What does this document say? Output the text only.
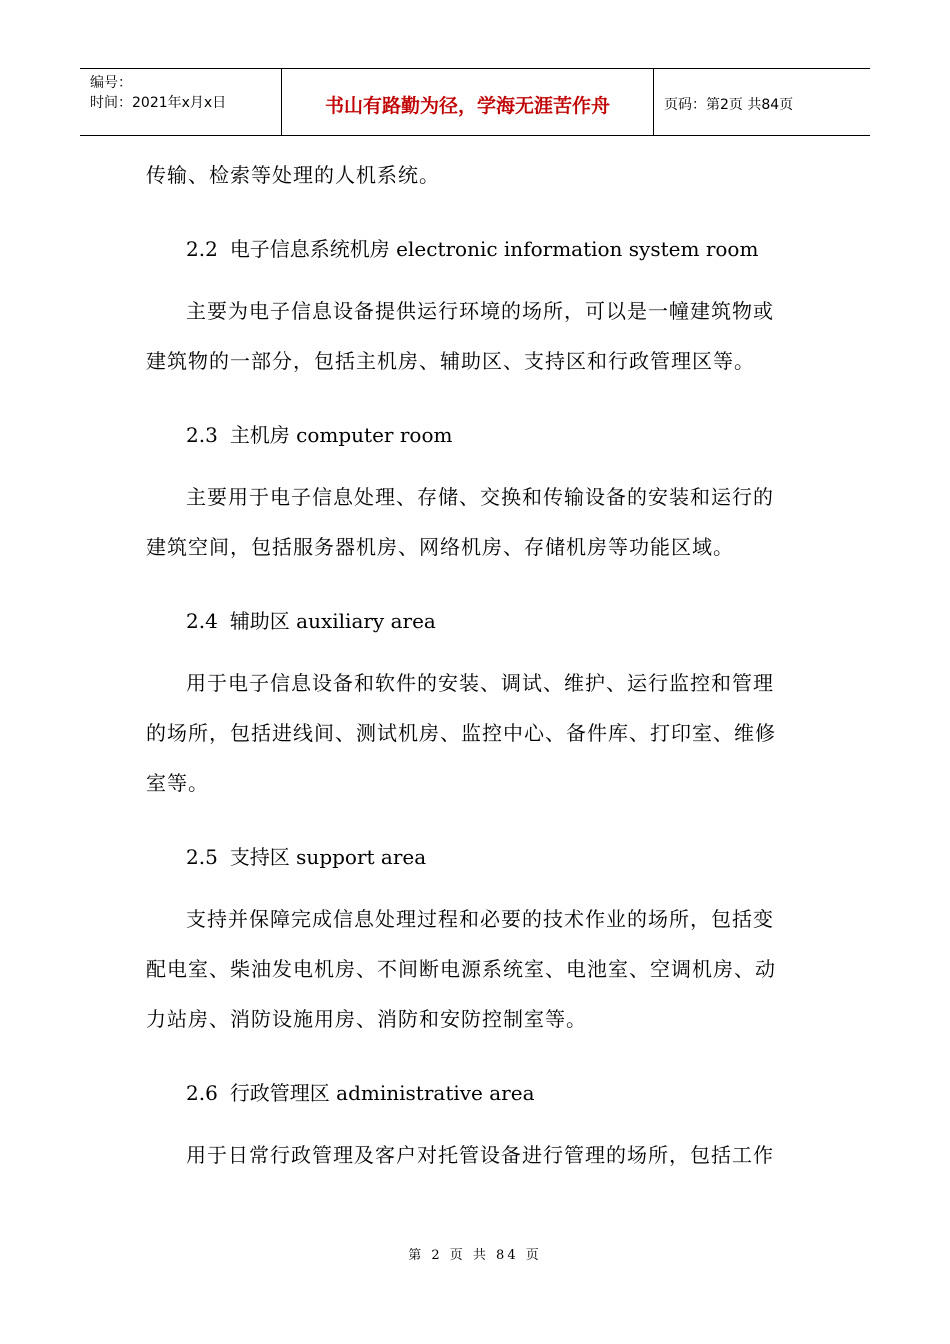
编号：
时间：2021年x月x日	书山有路勤为径，学海无涯苦作舟	页码：第2页 共84页
传输、检索等处理的人机系统。
2.2 电子信息系统机房 electronic information system room
主要为电子信息设备提供运行环境的场所，可以是一幢建筑物或
建筑物的一部分，包括主机房、辅助区、支持区和行政管理区等。
2.3 主机房 computer room
主要用于电子信息处理、存储、交换和传输设备的安装和运行的
建筑空间，包括服务器机房、网络机房、存储机房等功能区域。
2.4 辅助区 auxiliary area
用于电子信息设备和软件的安装、调试、维护、运行监控和管理
的场所，包括进线间、测试机房、监控中心、备件库、打印室、维修
室等。
2.5 支持区 support area
支持并保障完成信息处理过程和必要的技术作业的场所，包括变
配电室、柴油发电机房、不间断电源系统室、电池室、空调机房、动
力站房、消防设施用房、消防和安防控制室等。
2.6 行政管理区 administrative area
用于日常行政管理及客户对托管设备进行管理的场所，包括工作
第 2 页 共 84 页
